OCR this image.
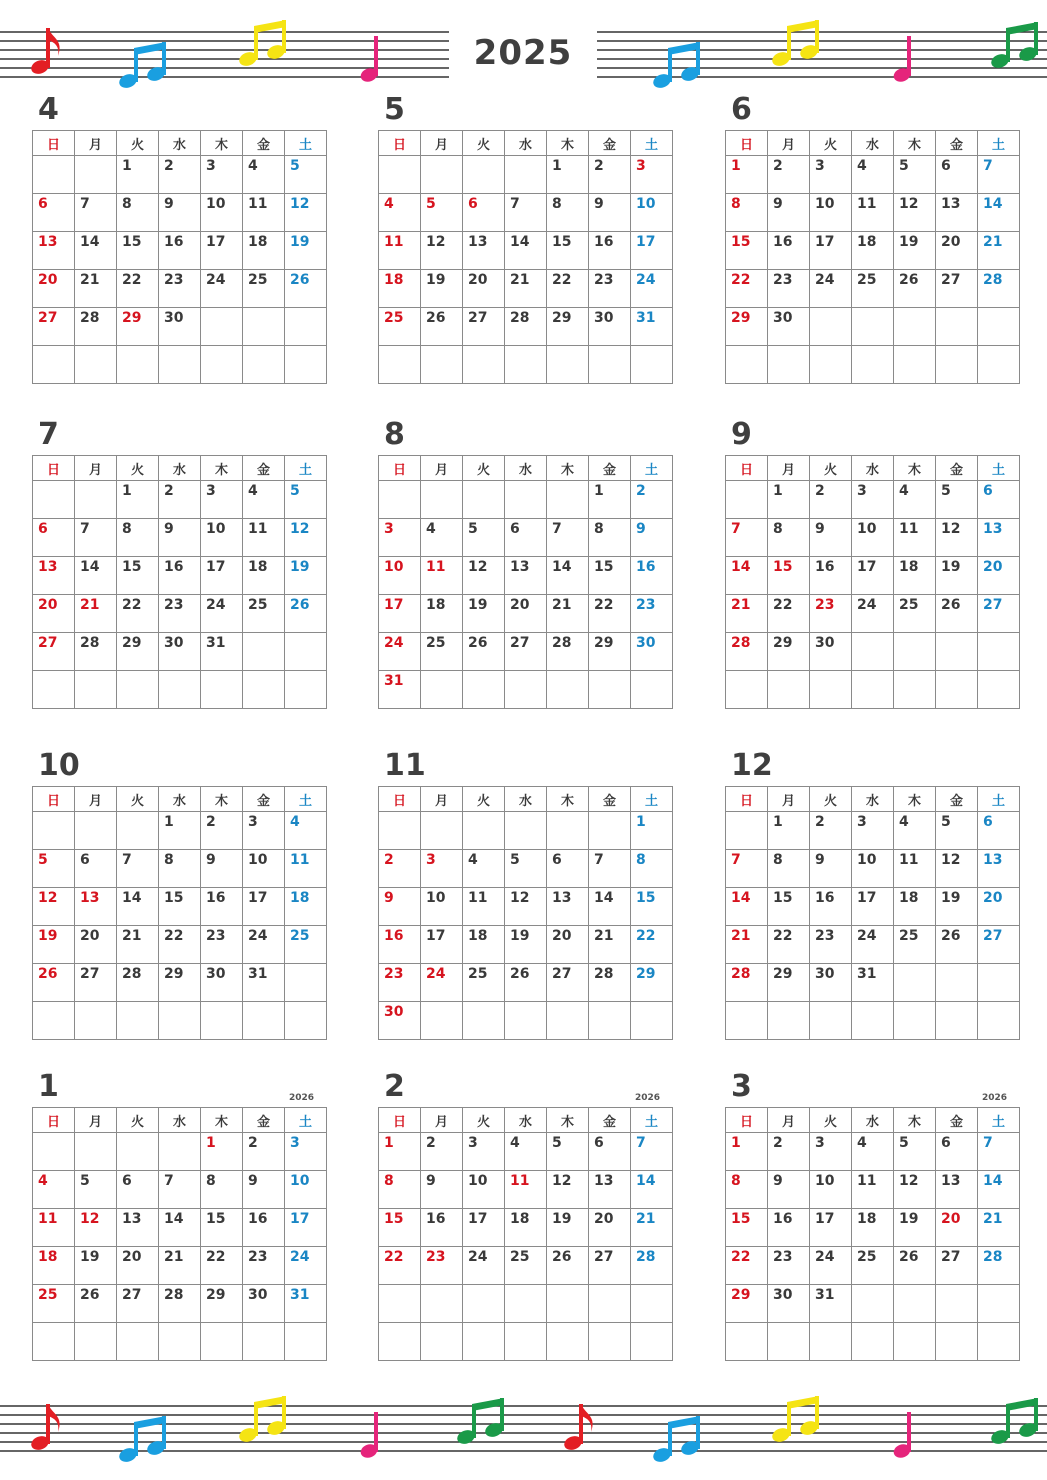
2025
4
日	月	火	水	木	金	土
		1	2	3	4	5
6	7	8	9	10	11	12
13	14	15	16	17	18	19
20	21	22	23	24	25	26
27	28	29	30			

5
日	月	火	水	木	金	土
				1	2	3
4	5	6	7	8	9	10
11	12	13	14	15	16	17
18	19	20	21	22	23	24
25	26	27	28	29	30	31

6
日	月	火	水	木	金	土
1	2	3	4	5	6	7
8	9	10	11	12	13	14
15	16	17	18	19	20	21
22	23	24	25	26	27	28
29	30					

7
日	月	火	水	木	金	土
		1	2	3	4	5
6	7	8	9	10	11	12
13	14	15	16	17	18	19
20	21	22	23	24	25	26
27	28	29	30	31		

8
日	月	火	水	木	金	土
					1	2
3	4	5	6	7	8	9
10	11	12	13	14	15	16
17	18	19	20	21	22	23
24	25	26	27	28	29	30
31						
9
日	月	火	水	木	金	土
	1	2	3	4	5	6
7	8	9	10	11	12	13
14	15	16	17	18	19	20
21	22	23	24	25	26	27
28	29	30				

10
日	月	火	水	木	金	土
			1	2	3	4
5	6	7	8	9	10	11
12	13	14	15	16	17	18
19	20	21	22	23	24	25
26	27	28	29	30	31	

11
日	月	火	水	木	金	土
						1
2	3	4	5	6	7	8
9	10	11	12	13	14	15
16	17	18	19	20	21	22
23	24	25	26	27	28	29
30						
12
日	月	火	水	木	金	土
	1	2	3	4	5	6
7	8	9	10	11	12	13
14	15	16	17	18	19	20
21	22	23	24	25	26	27
28	29	30	31			

1	2026
日	月	火	水	木	金	土
				1	2	3
4	5	6	7	8	9	10
11	12	13	14	15	16	17
18	19	20	21	22	23	24
25	26	27	28	29	30	31

2	2026
日	月	火	水	木	金	土
1	2	3	4	5	6	7
8	9	10	11	12	13	14
15	16	17	18	19	20	21
22	23	24	25	26	27	28

3	2026
日	月	火	水	木	金	土
1	2	3	4	5	6	7
8	9	10	11	12	13	14
15	16	17	18	19	20	21
22	23	24	25	26	27	28
29	30	31				
